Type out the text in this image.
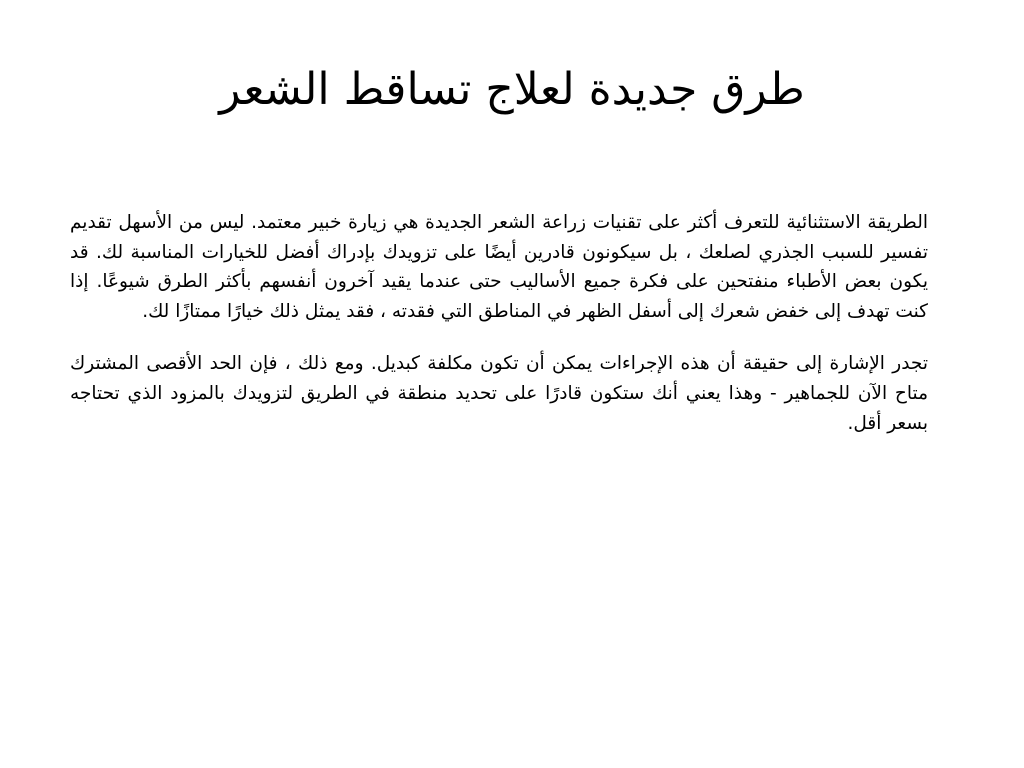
طرق جديدة لعلاج تساقط الشعر

الطريقة الاستثنائية للتعرف أكثر على تقنيات زراعة الشعر الجديدة هي زيارة خبير معتمد. ليس من الأسهل تقديم تفسير للسبب الجذري لصلعك ، بل سيكونون قادرين أيضًا على تزويدك بإدراك أفضل للخيارات المناسبة لك. قد يكون بعض الأطباء منفتحين على فكرة جميع الأساليب حتى عندما يقيد آخرون أنفسهم بأكثر الطرق شيوعًا. إذا كنت تهدف إلى خفض شعرك إلى أسفل الظهر في المناطق التي فقدته ، فقد يمثل ذلك خيارًا ممتازًا لك.

تجدر الإشارة إلى حقيقة أن هذه الإجراءات يمكن أن تكون مكلفة كبديل. ومع ذلك ، فإن الحد الأقصى المشترك متاح الآن للجماهير - وهذا يعني أنك ستكون قادرًا على تحديد منطقة في الطريق لتزويدك بالمزود الذي تحتاجه بسعر أقل.
